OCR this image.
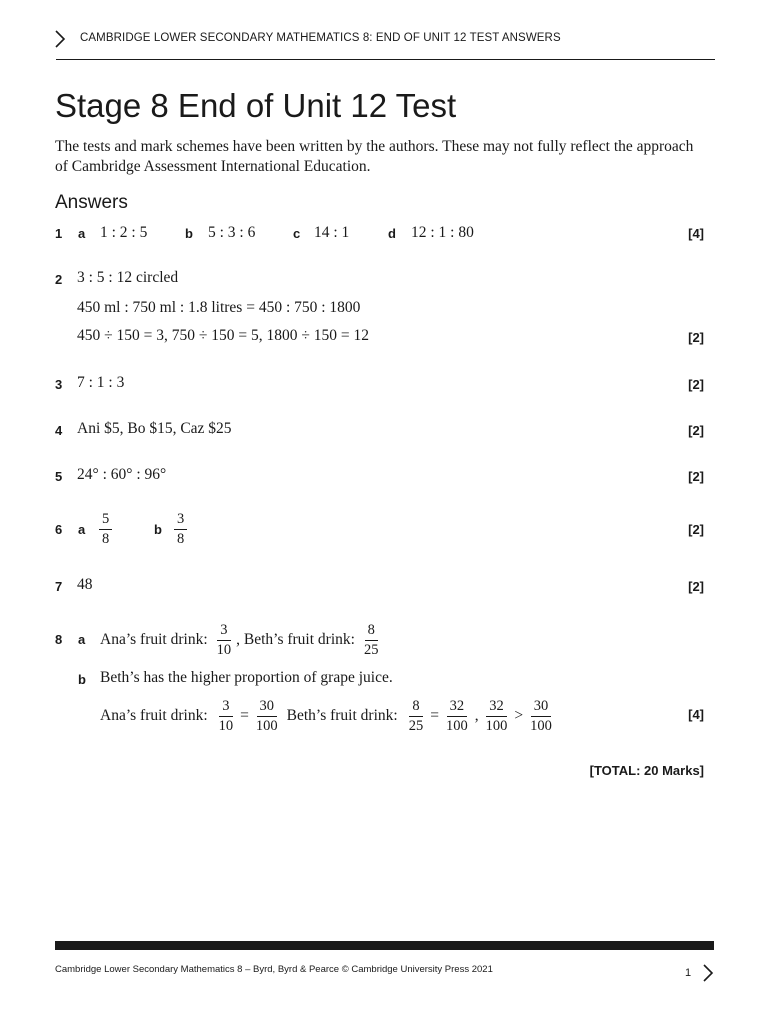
CAMBRIDGE LOWER SECONDARY MATHEMATICS 8: END OF UNIT 12 TEST ANSWERS
Stage 8 End of Unit 12 Test
The tests and mark schemes have been written by the authors. These may not fully reflect the approach of Cambridge Assessment International Education.
Answers
1 a 1 : 2 : 5	b 5 : 3 : 6	c 14 : 1	d 12 : 1 : 80	[4]
2 3 : 5 : 12 circled
450 ml : 750 ml : 1.8 litres = 450 : 750 : 1800
450 ÷ 150 = 3, 750 ÷ 150 = 5, 1800 ÷ 150 = 12	[2]
3 7 : 1 : 3	[2]
4 Ani $5, Bo $15, Caz $25	[2]
5 24° : 60° : 96°	[2]
6 a $\frac{5}{8}$	b $\frac{3}{8}$	[2]
7 48	[2]
8 a Ana’s fruit drink: $\frac{3}{10}$ , Beth’s fruit drink: $\frac{8}{25}$
b Beth’s has the higher proportion of grape juice.
Ana’s fruit drink: $\frac{3}{10} = \frac{30}{100}$ Beth’s fruit drink: $\frac{8}{25} = \frac{32}{100}$ , $\frac{32}{100} > \frac{30}{100}$	[4]
[TOTAL: 20 Marks]
Cambridge Lower Secondary Mathematics 8 – Byrd, Byrd & Pearce © Cambridge University Press 2021	1
